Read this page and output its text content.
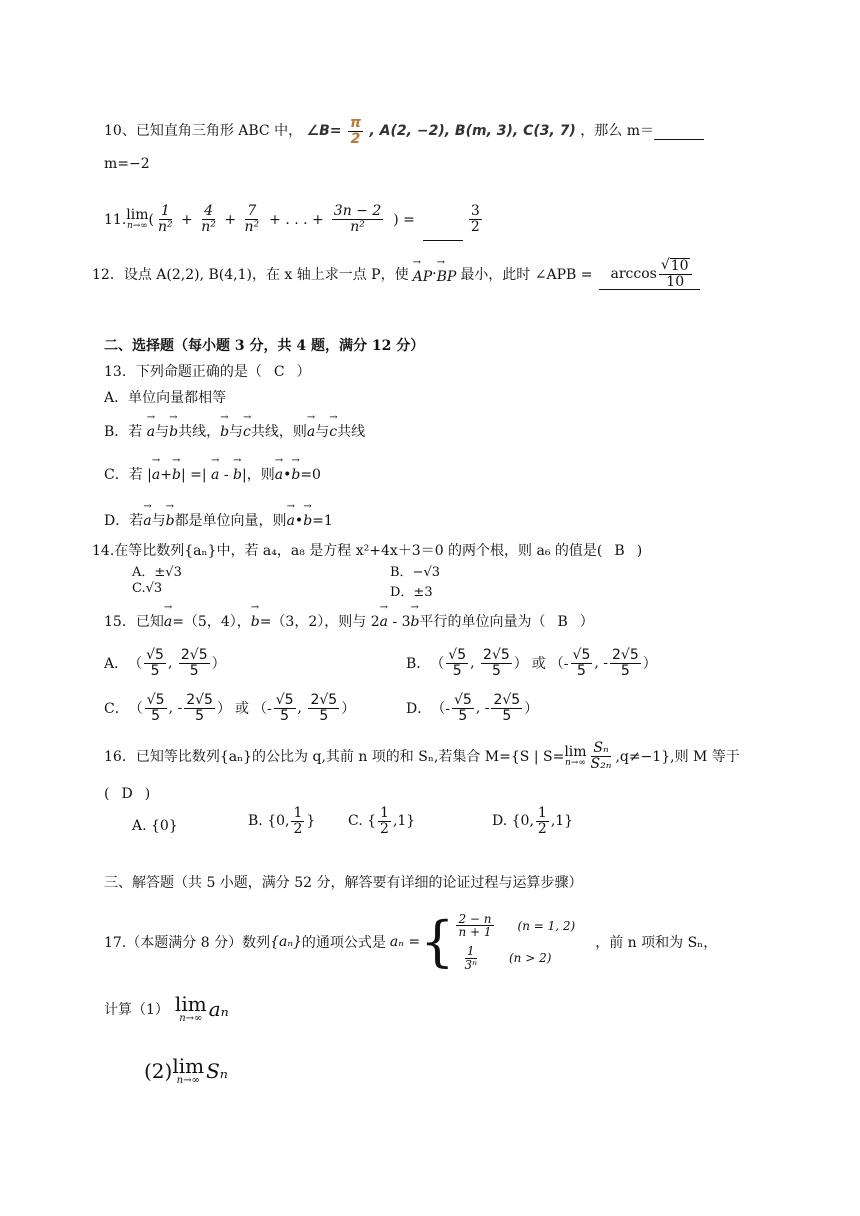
10、已知直角三角形 ABC 中， ∠B= $\frac{\pi}{2}$ , A(2, −2), B(m, 3), C(3, 7) ，那么 m＝
m=−2
11. lim
n→∞ ( $\frac{1}{\text{n²}} + \frac{4}{\text{n²}} + \frac{7}{\text{n²}}$ + . . . + $\frac{3n - 2}{\text{n²}}$ ) =
	$\frac{3}{2}$
12．设点 A(2,2), B(4,1)，在 x 轴上求一点 P，使 → AP · → BP 最小，此时 ∠APB = $\arccos \frac{√ 10}{10}$
二、选择题（每小题 3 分，共 4 题，满分 12 分）
13．下列命题正确的是（ C ）
A．单位向量都相等
B．若 → a与→ b共线，→ b与→ c共线，则→ a与→ c共线
C．若 |→ a+→ b| =| → a - → b|，则→ a•→ b=0
D．若→ a与→ b都是单位向量，则→ a•→ b=1
14.在等比数列{aₙ}中，若 a₄，a₈ 是方程 x²+4x＋3＝0 的两个根，则 a₆ 的值是( B )
A．±√3	B．−√3
C.√3	D．±3
15．已知→ a=（5，4），→ b=（3，2），则与 2→ a - 3→ b平行的单位向量为（ B ）
A． （ $\frac{√5}{5}$ , $\frac{2√5}{5}$ ）	B． （ $\frac{√5}{5}$ , $\frac{2√5}{5}$ ） 或 （- $\frac{√5}{5}$ , - $\frac{2√5}{5}$ ）
C． （ $\frac{√5}{5}$ , - $\frac{2√5}{5}$ ） 或 （- $\frac{√5}{5}$ , $\frac{2√5}{5}$ ）	D． （- $\frac{√5}{5}$ , - $\frac{2√5}{5}$ ）
16．已知等比数列{aₙ}的公比为 q,其前 n 项的和 Sₙ,若集合 M={S | S= lim
$n\to\infty \frac{\text{Sₙ}}{\text{S₂ₙ}} ,q\ne-1$},则 M 等于
( D )
A. {0}	B. {0, $\frac{1}{2}$ } C. { $\frac{1}{2} ,1$}	D. {0, $\frac{1}{2} ,1$}
三、解答题（共 5 小题，满分 52 分，解答要有详细的论证过程与运算步骤）
17.（本题满分 8 分）数列 {aₙ} 的通项公式是 aₙ = { $\frac{2 - n}{n + 1} (n = 1$, 2)
$\frac{1}{\text{3ⁿ}}$	(n > 2)
，前 n 项和为 Sₙ，
计算（1） lim
n→∞ aₙ
(2) lim
n→∞ Sₙ
